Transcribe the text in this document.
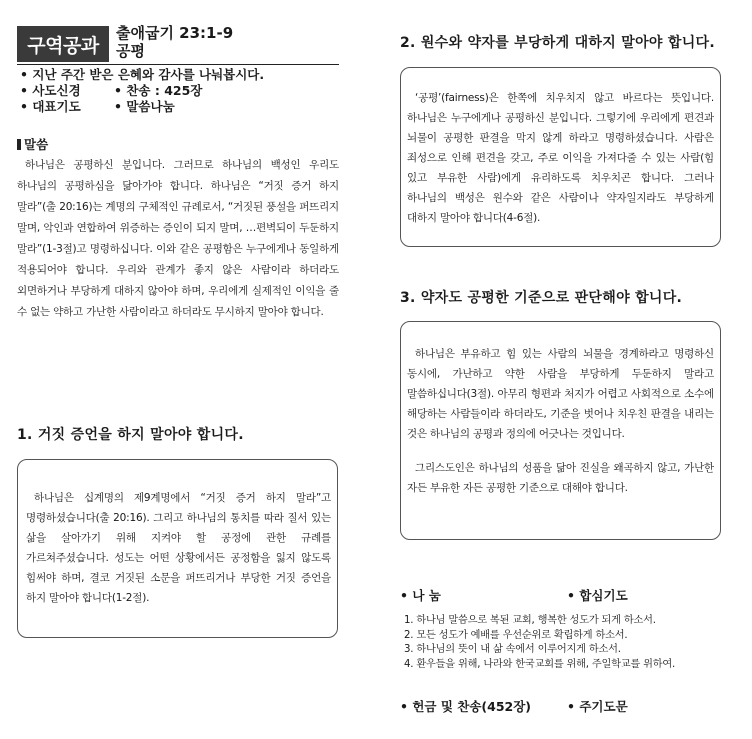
구역공과
출애굽기 23:1-9
공평
• 지난 주간 받은 은혜와 감사를 나눠봅시다.
• 사도신경	• 찬송 : 425장
• 대표기도	• 말씀나눔
말씀
하나님은 공평하신 분입니다. 그러므로 하나님의 백성인 우리도 하나님의 공평하심을 닮아가야 합니다. 하나님은 “거짓 증거 하지 말라”(출 20:16)는 계명의 구체적인 규례로서, “거짓된 풍설을 퍼뜨리지 말며, 악인과 연합하여 위증하는 증인이 되지 말며, …편벽되이 두둔하지 말라”(1-3절)고 명령하십니다. 이와 같은 공평함은 누구에게나 동일하게 적용되어야 합니다. 우리와 관계가 좋지 않은 사람이라 하더라도 외면하거나 부당하게 대하지 않아야 하며, 우리에게 실제적인 이익을 줄 수 없는 약하고 가난한 사람이라고 하더라도 무시하지 말아야 합니다.
1. 거짓 증언을 하지 말아야 합니다.

하나님은 십계명의 제9계명에서 “거짓 증거 하지 말라”고 명령하셨습니다(출 20:16). 그리고 하나님의 통치를 따라 질서 있는 삶을 살아가기 위해 지켜야 할 공정에 관한 규례를 가르쳐주셨습니다. 성도는 어떤 상황에서든 공정함을 잃지 않도록 힘써야 하며, 결코 거짓된 소문을 퍼뜨리거나 부당한 거짓 증언을 하지 말아야 합니다(1-2절).

2. 원수와 약자를 부당하게 대하지 말아야 합니다.

‘공평’(fairness)은 한쪽에 치우치지 않고 바르다는 뜻입니다. 하나님은 누구에게나 공평하신 분입니다. 그렇기에 우리에게 편견과 뇌물이 공평한 판결을 막지 않게 하라고 명령하셨습니다. 사람은 죄성으로 인해 편견을 갖고, 주로 이익을 가져다줄 수 있는 사람(힘 있고 부유한 사람)에게 유리하도록 치우치곤 합니다. 그러나 하나님의 백성은 원수와 같은 사람이나 약자일지라도 부당하게 대하지 말아야 합니다(4-6절).

3. 약자도 공평한 기준으로 판단해야 합니다.

하나님은 부유하고 힘 있는 사람의 뇌물을 경계하라고 명령하신 동시에, 가난하고 약한 사람을 부당하게 두둔하지 말라고 말씀하십니다(3절). 아무리 형편과 처지가 어렵고 사회적으로 소수에 해당하는 사람들이라 하더라도, 기준을 벗어나 치우친 판결을 내리는 것은 하나님의 공평과 정의에 어긋나는 것입니다.

그리스도인은 하나님의 성품을 닮아 진실을 왜곡하지 않고, 가난한 자든 부유한 자든 공평한 기준으로 대해야 합니다.

• 나 눔	• 합심기도
1. 하나님 말씀으로 복된 교회, 행복한 성도가 되게 하소서.
2. 모든 성도가 예배를 우선순위로 확립하게 하소서.
3. 하나님의 뜻이 내 삶 속에서 이루어지게 하소서.
4. 환우들을 위해, 나라와 한국교회를 위해, 주일학교를 위하여.
• 헌금 및 찬송(452장)	• 주기도문
